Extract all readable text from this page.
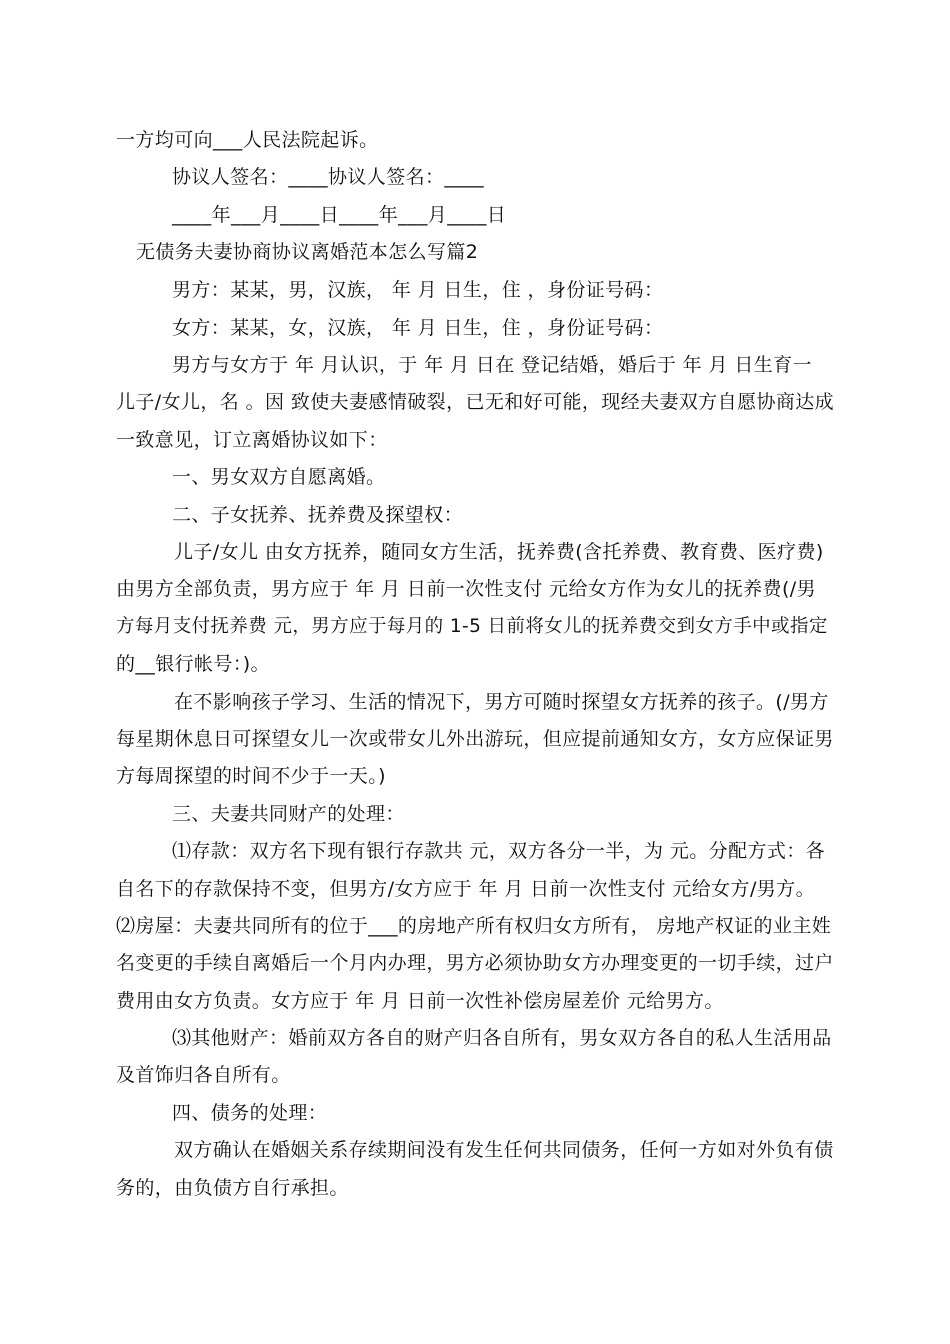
一方均可向___人民法院起诉。
协议人签名：____协议人签名：____
____年___月____日____年___月____日
无债务夫妻协商协议离婚范本怎么写篇2
男方：某某，男，汉族， 年 月 日生，住 ，身份证号码：
女方：某某，女，汉族， 年 月 日生，住 ，身份证号码：
男方与女方于 年 月认识，于 年 月 日在 登记结婚，婚后于 年 月 日生育一
儿子/女儿，名 。因 致使夫妻感情破裂，已无和好可能，现经夫妻双方自愿协商达成
一致意见，订立离婚协议如下：
一、男女双方自愿离婚。
二、子女抚养、抚养费及探望权：
儿子/女儿 由女方抚养，随同女方生活，抚养费(含托养费、教育费、医疗费)
由男方全部负责，男方应于 年 月 日前一次性支付 元给女方作为女儿的抚养费(/男
方每月支付抚养费 元，男方应于每月的 1-5 日前将女儿的抚养费交到女方手中或指定
的__银行帐号：)。
在不影响孩子学习、生活的情况下，男方可随时探望女方抚养的孩子。(/男方
每星期休息日可探望女儿一次或带女儿外出游玩，但应提前通知女方，女方应保证男
方每周探望的时间不少于一天。)
三、夫妻共同财产的处理：
⑴存款：双方名下现有银行存款共 元，双方各分一半，为 元。分配方式：各
自名下的存款保持不变，但男方/女方应于 年 月 日前一次性支付 元给女方/男方。
⑵房屋：夫妻共同所有的位于___的房地产所有权归女方所有， 房地产权证的业主姓
名变更的手续自离婚后一个月内办理，男方必须协助女方办理变更的一切手续，过户
费用由女方负责。女方应于 年 月 日前一次性补偿房屋差价 元给男方。
⑶其他财产：婚前双方各自的财产归各自所有，男女双方各自的私人生活用品
及首饰归各自所有。
四、债务的处理：
双方确认在婚姻关系存续期间没有发生任何共同债务，任何一方如对外负有债
务的，由负债方自行承担。
